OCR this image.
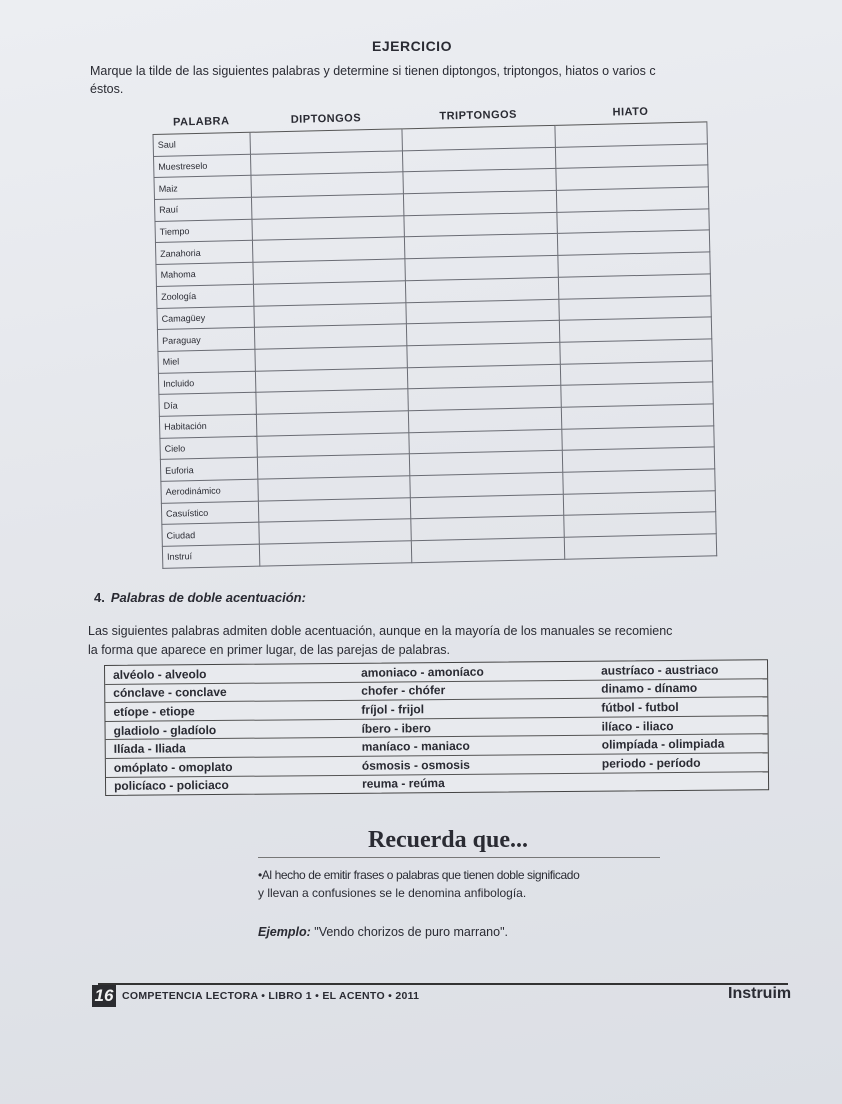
EJERCICIO
Marque la tilde de las siguientes palabras y determine si tienen diptongos, triptongos, hiatos o varios c
éstos.
PALABRA	DIPTONGOS	TRIPTONGOS	HIATO
Saul			
Muestreselo			
Maiz			
Rauí			
Tiempo			
Zanahoria			
Mahoma			
Zoología			
Camagüey			
Paraguay			
Miel			
Incluido			
Día			
Habitación			
Cielo			
Euforia			
Aerodinámico			
Casuístico			
Ciudad			
Instruí			
4. Palabras de doble acentuación:
Las siguientes palabras admiten doble acentuación, aunque en la mayoría de los manuales se recomienc
la forma que aparece en primer lugar, de las parejas de palabras.
alvéolo - alveolo	amoniaco - amoníaco	austríaco - austriaco
cónclave - conclave	chofer - chófer	dinamo - dínamo
etíope - etiope	fríjol - frijol	fútbol - futbol
gladiolo - gladíolo	íbero - ibero	ilíaco - iliaco
Ilíada - Iliada	maníaco - maniaco	olimpíada - olimpiada
omóplato - omoplato	ósmosis - osmosis	periodo - período
policíaco - policiaco	reuma - reúma
Recuerda que...
•Al hecho de emitir frases o palabras que tienen doble significado
y llevan a confusiones se le denomina anfibología.
Ejemplo: "Vendo chorizos de puro marrano".
16 COMPETENCIA LECTORA • LIBRO 1 • EL ACENTO • 2011	Instruim
